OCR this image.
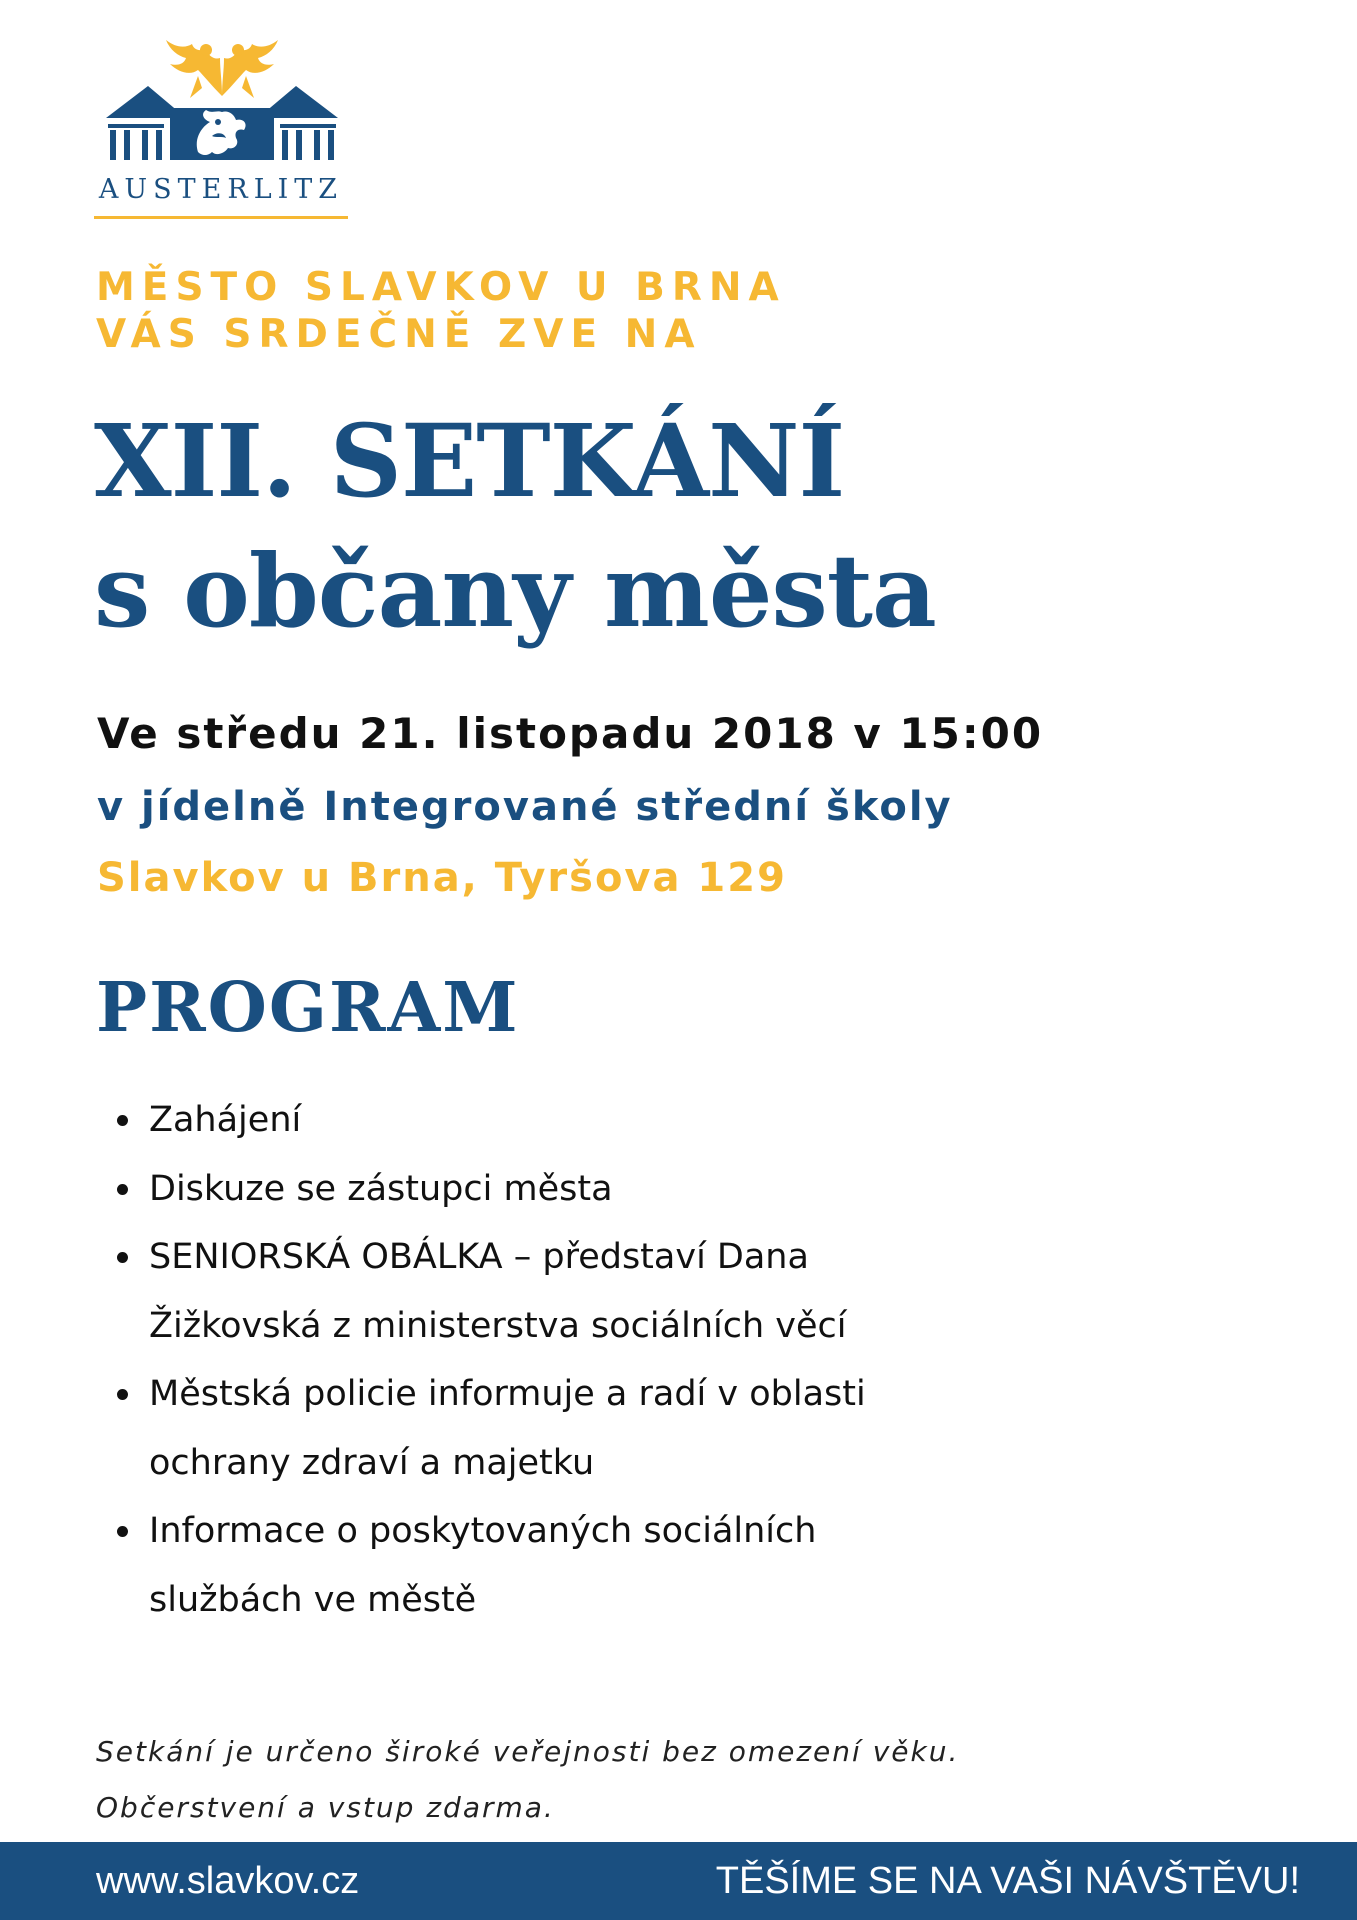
AUSTERLITZ
MĚSTO SLAVKOV U BRNA
VÁS SRDEČNĚ ZVE NA
XII. SETKÁNÍ
s občany města
Ve středu 21. listopadu 2018 v 15:00
v jídelně Integrované střední školy
Slavkov u Brna, Tyršova 129
PROGRAM
Zahájení
Diskuze se zástupci města
SENIORSKÁ OBÁLKA – představí Dana
Žižkovská z ministerstva sociálních věcí
Městská policie informuje a radí v oblasti
ochrany zdraví a majetku
Informace o poskytovaných sociálních
službách ve městě
Setkání je určeno široké veřejnosti bez omezení věku.
Občerstvení a vstup zdarma.
www.slavkov.cz	TĚŠÍME SE NA VAŠI NÁVŠTĚVU!
